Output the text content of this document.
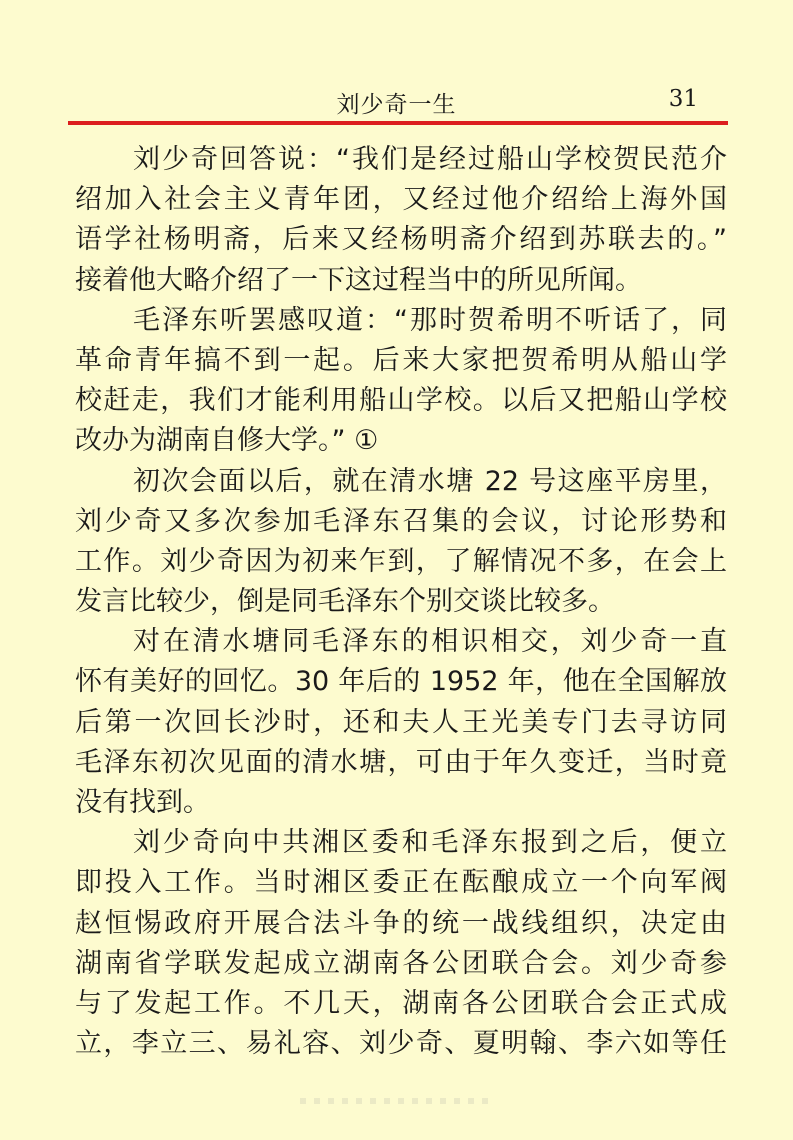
刘少奇一生	31
刘少奇回答说：“我们是经过船山学校贺民范介
绍加入社会主义青年团，又经过他介绍给上海外国
语学社杨明斋，后来又经杨明斋介绍到苏联去的。”
接着他大略介绍了一下这过程当中的所见所闻。
毛泽东听罢感叹道：“那时贺希明不听话了，同
革命青年搞不到一起。后来大家把贺希明从船山学
校赶走，我们才能利用船山学校。以后又把船山学校
改办为湖南自修大学。” ①
初次会面以后，就在清水塘 22 号这座平房里，
刘少奇又多次参加毛泽东召集的会议，讨论形势和
工作。刘少奇因为初来乍到，了解情况不多，在会上
发言比较少，倒是同毛泽东个别交谈比较多。
对在清水塘同毛泽东的相识相交，刘少奇一直
怀有美好的回忆。30 年后的 1952 年，他在全国解放
后第一次回长沙时，还和夫人王光美专门去寻访同
毛泽东初次见面的清水塘，可由于年久变迁，当时竟
没有找到。
刘少奇向中共湘区委和毛泽东报到之后，便立
即投入工作。当时湘区委正在酝酿成立一个向军阀
赵恒惕政府开展合法斗争的统一战线组织，决定由
湖南省学联发起成立湖南各公团联合会。刘少奇参
与了发起工作。不几天，湖南各公团联合会正式成
立，李立三、易礼容、刘少奇、夏明翰、李六如等任
